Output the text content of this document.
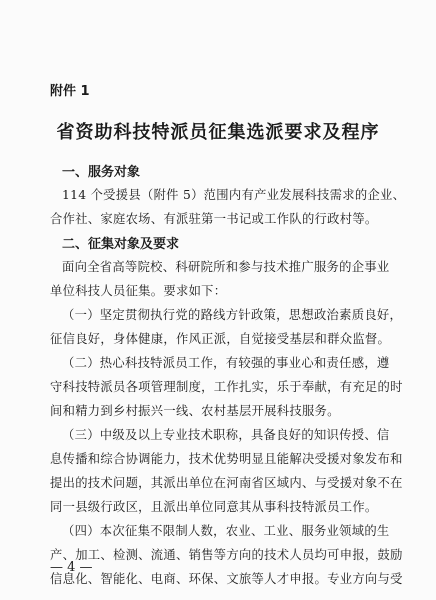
附件 1
省资助科技特派员征集选派要求及程序
一、服务对象
114 个受援县（附件 5）范围内有产业发展科技需求的企业、
合作社、家庭农场、有派驻第一书记或工作队的行政村等。
二、征集对象及要求
面向全省高等院校、科研院所和参与技术推广服务的企事业
单位科技人员征集。要求如下：
（一）坚定贯彻执行党的路线方针政策，思想政治素质良好，
征信良好，身体健康，作风正派，自觉接受基层和群众监督。
（二）热心科技特派员工作，有较强的事业心和责任感，遵
守科技特派员各项管理制度，工作扎实，乐于奉献，有充足的时
间和精力到乡村振兴一线、农村基层开展科技服务。
（三）中级及以上专业技术职称，具备良好的知识传授、信
息传播和综合协调能力，技术优势明显且能解决受援对象发布和
提出的技术问题，其派出单位在河南省区域内、与受援对象不在
同一县级行政区，且派出单位同意其从事科技特派员工作。
（四）本次征集不限制人数，农业、工业、服务业领域的生
产、加工、检测、流通、销售等方向的技术人员均可申报，鼓励
信息化、智能化、电商、环保、文旅等人才申报。专业方向与受
— 4 —
